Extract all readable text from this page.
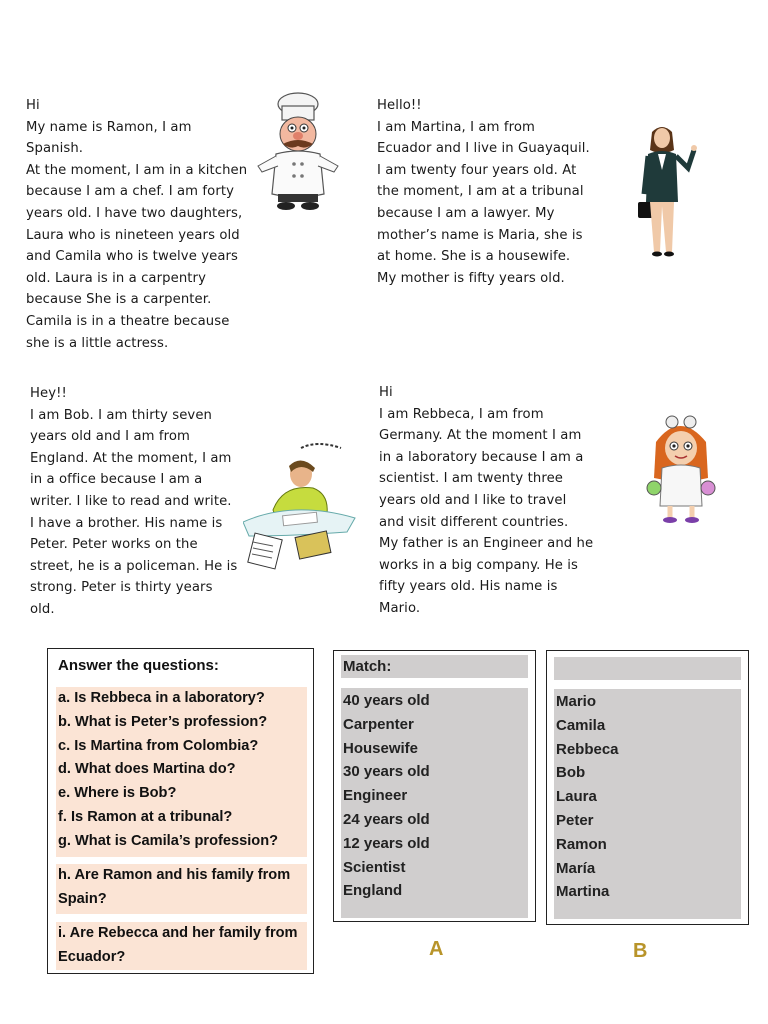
Hi

My name is Ramon, I am Spanish.

At the moment, I am in a kitchen

because I am a chef. I am forty

years old. I have two daughters,

Laura who is nineteen years old

and Camila who is twelve years

old. Laura is in a carpentry

because She is a carpenter.

Camila is in a theatre because

she is a little actress.

Hello!!

I am Martina, I am from

Ecuador and I live in Guayaquil.

I am twenty four years old. At

the moment, I am at a tribunal

because I am a lawyer. My

mother’s name is Maria, she is

at home. She is a housewife.

My mother is fifty years old.

Hey!!

I am Bob. I am thirty seven

years old and I am from

England. At the moment, I am

in a office because I am a

writer. I like to read and write.

I have a brother. His name is

Peter. Peter works on the

street, he is a policeman. He is

strong. Peter is thirty years

old.

Hi

I am Rebbeca, I am from

Germany. At the moment I am

in a laboratory because I am a

scientist. I am twenty three

years old and I like to travel

and visit different countries.

My father is an Engineer and he

works in a big company. He is

fifty years old. His name is

Mario.

Answer the questions:
a. Is Rebbeca in a laboratory?
b. What is Peter’s profession?
c. Is Martina from Colombia?
d. What does Martina do?
e. Where is Bob?
f. Is Ramon at a tribunal?
g. What is Camila’s profession?
h. Are Ramon and his family from
Spain?
i. Are Rebecca and her family from
Ecuador?
Match:
40 years old
Carpenter
Housewife
30 years old
Engineer
24 years old
12 years old
Scientist
England
Mario
Camila
Rebbeca
Bob
Laura
Peter
Ramon
María
Martina
A	B
